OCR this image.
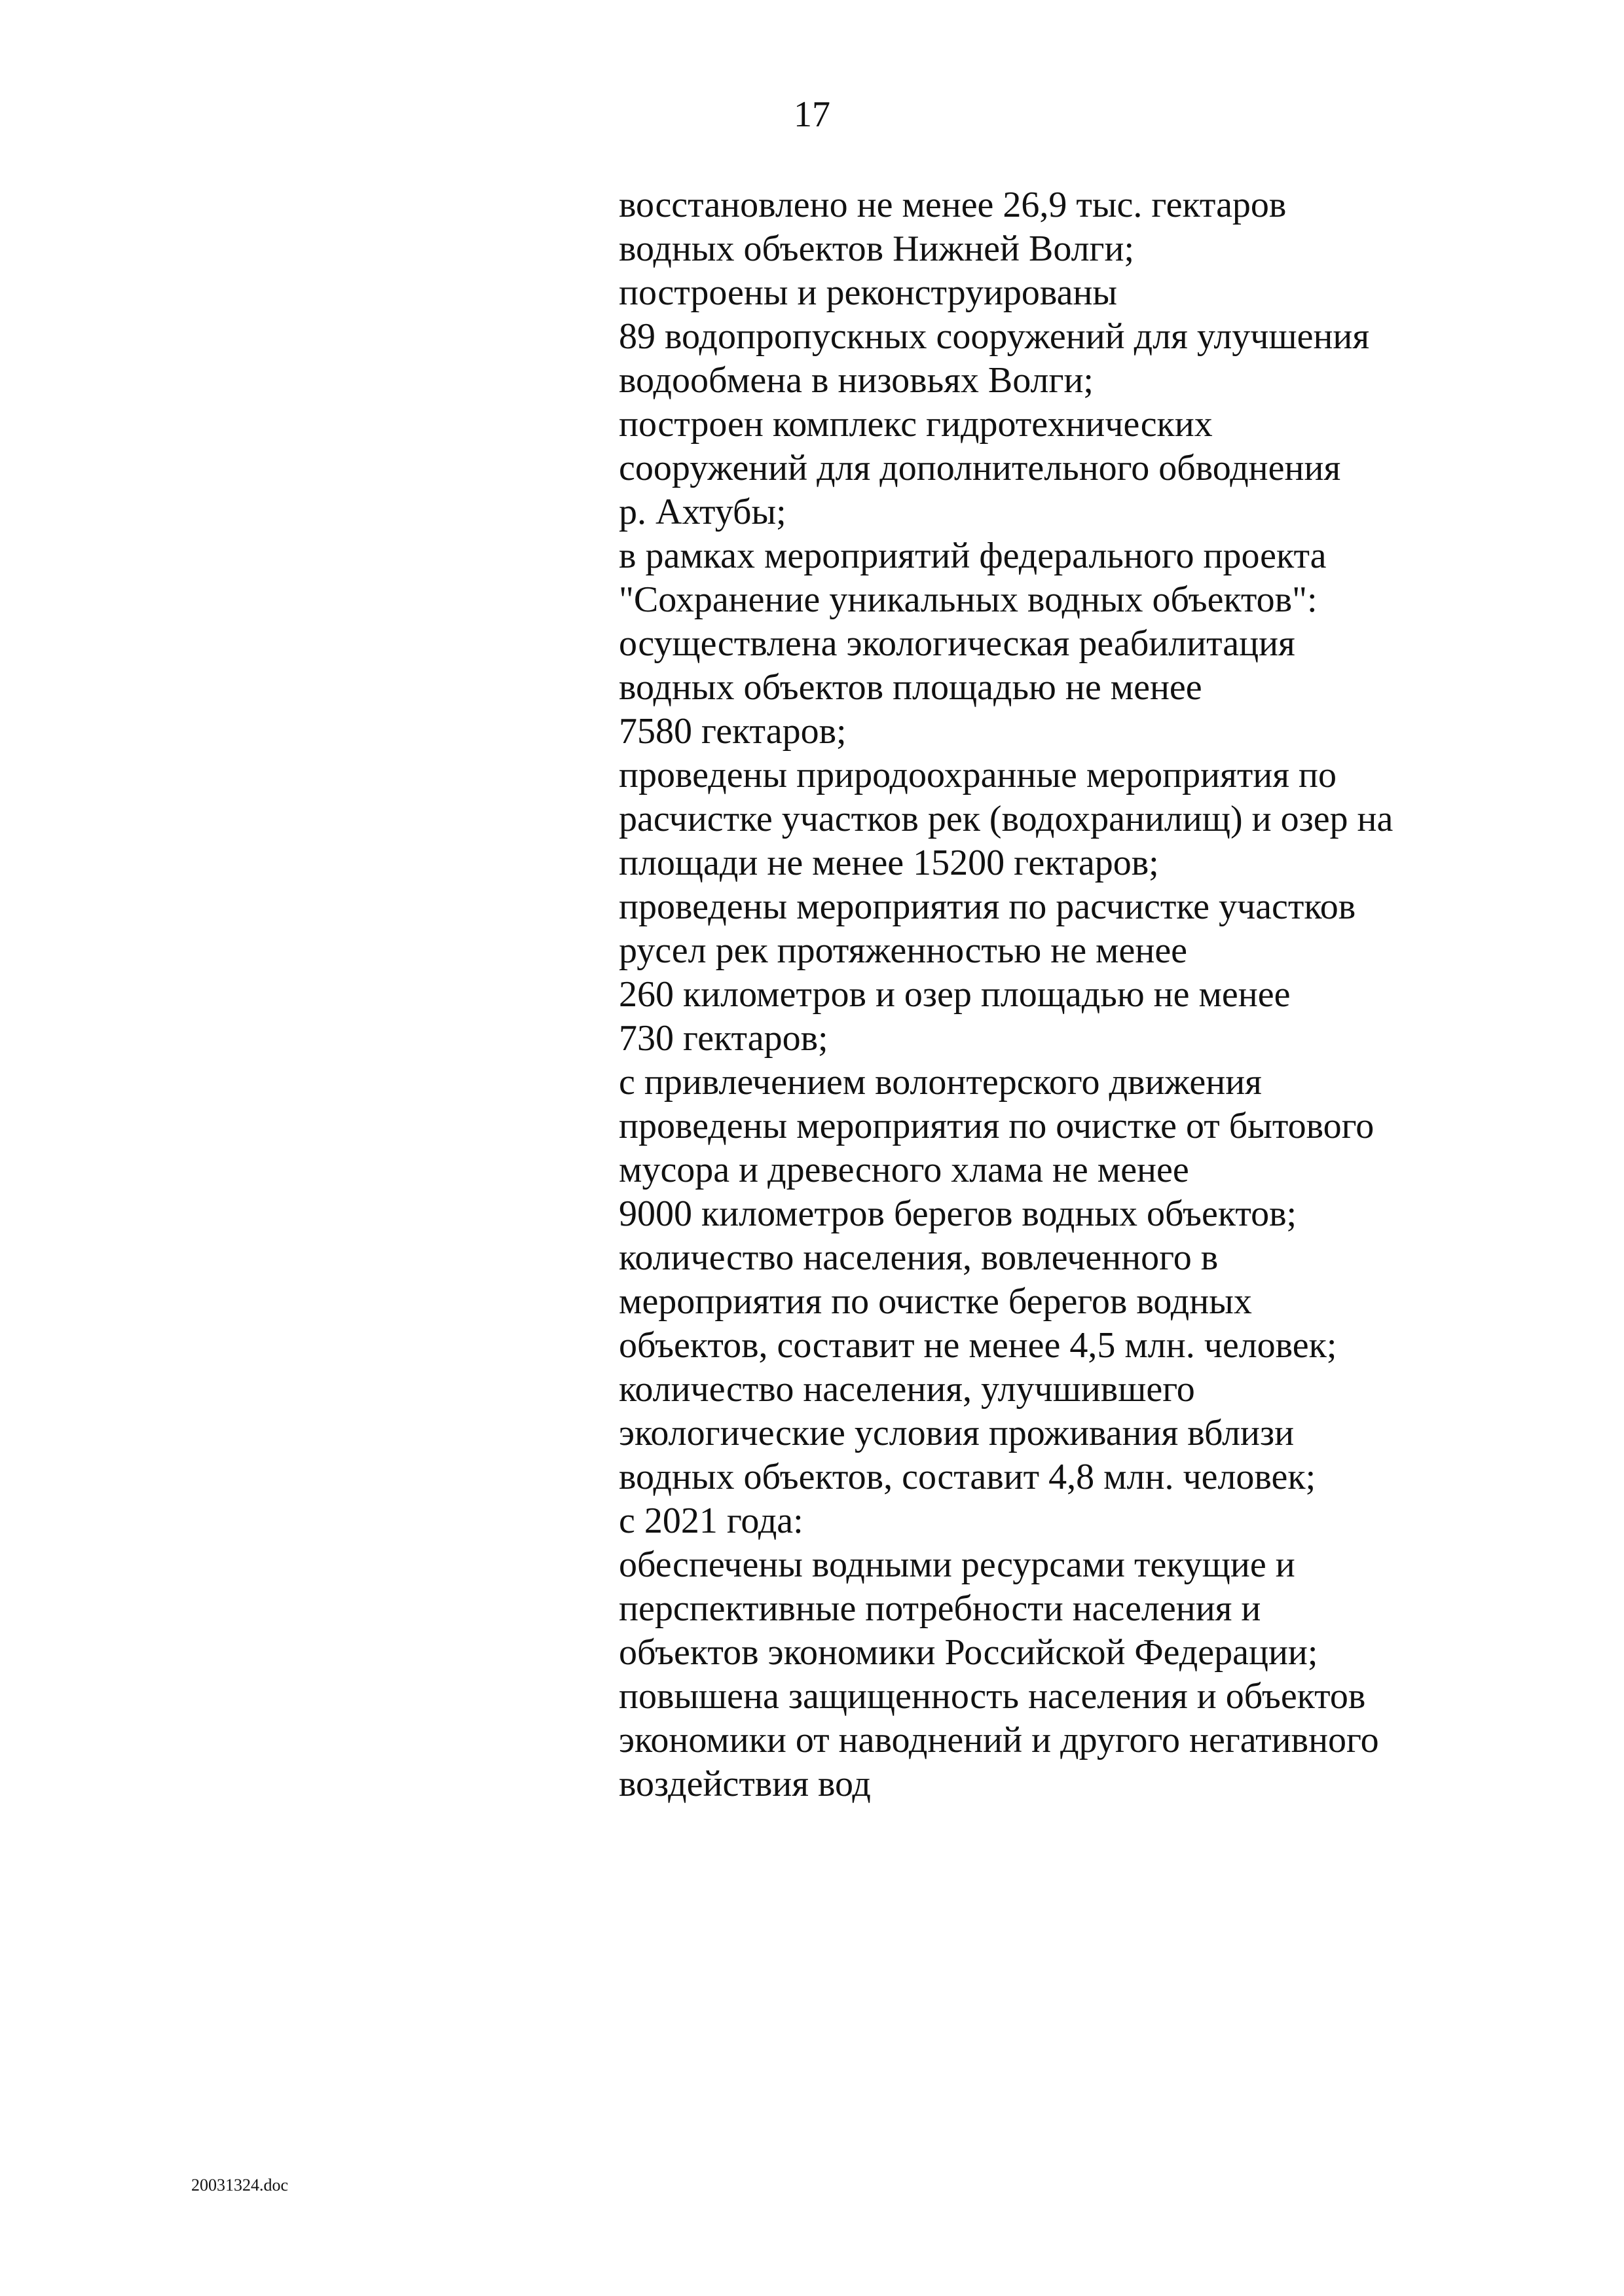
17
восстановлено не менее 26,9 тыс. гектаров
водных объектов Нижней Волги;
построены и реконструированы
89 водопропускных сооружений для улучшения
водообмена в низовьях Волги;
построен комплекс гидротехнических
сооружений для дополнительного обводнения
р. Ахтубы;
в рамках мероприятий федерального проекта
"Сохранение уникальных водных объектов":
осуществлена экологическая реабилитация
водных объектов площадью не менее
7580 гектаров;
проведены природоохранные мероприятия по
расчистке участков рек (водохранилищ) и озер на
площади не менее 15200 гектаров;
проведены мероприятия по расчистке участков
русел рек протяженностью не менее
260 километров и озер площадью не менее
730 гектаров;
с привлечением волонтерского движения
проведены мероприятия по очистке от бытового
мусора и древесного хлама не менее
9000 километров берегов водных объектов;
количество населения, вовлеченного в
мероприятия по очистке берегов водных
объектов, составит не менее 4,5 млн. человек;
количество населения, улучшившего
экологические условия проживания вблизи
водных объектов, составит 4,8 млн. человек;
с 2021 года:
обеспечены водными ресурсами текущие и
перспективные потребности населения и
объектов экономики Российской Федерации;
повышена защищенность населения и объектов
экономики от наводнений и другого негативного
воздействия вод
20031324.doc
